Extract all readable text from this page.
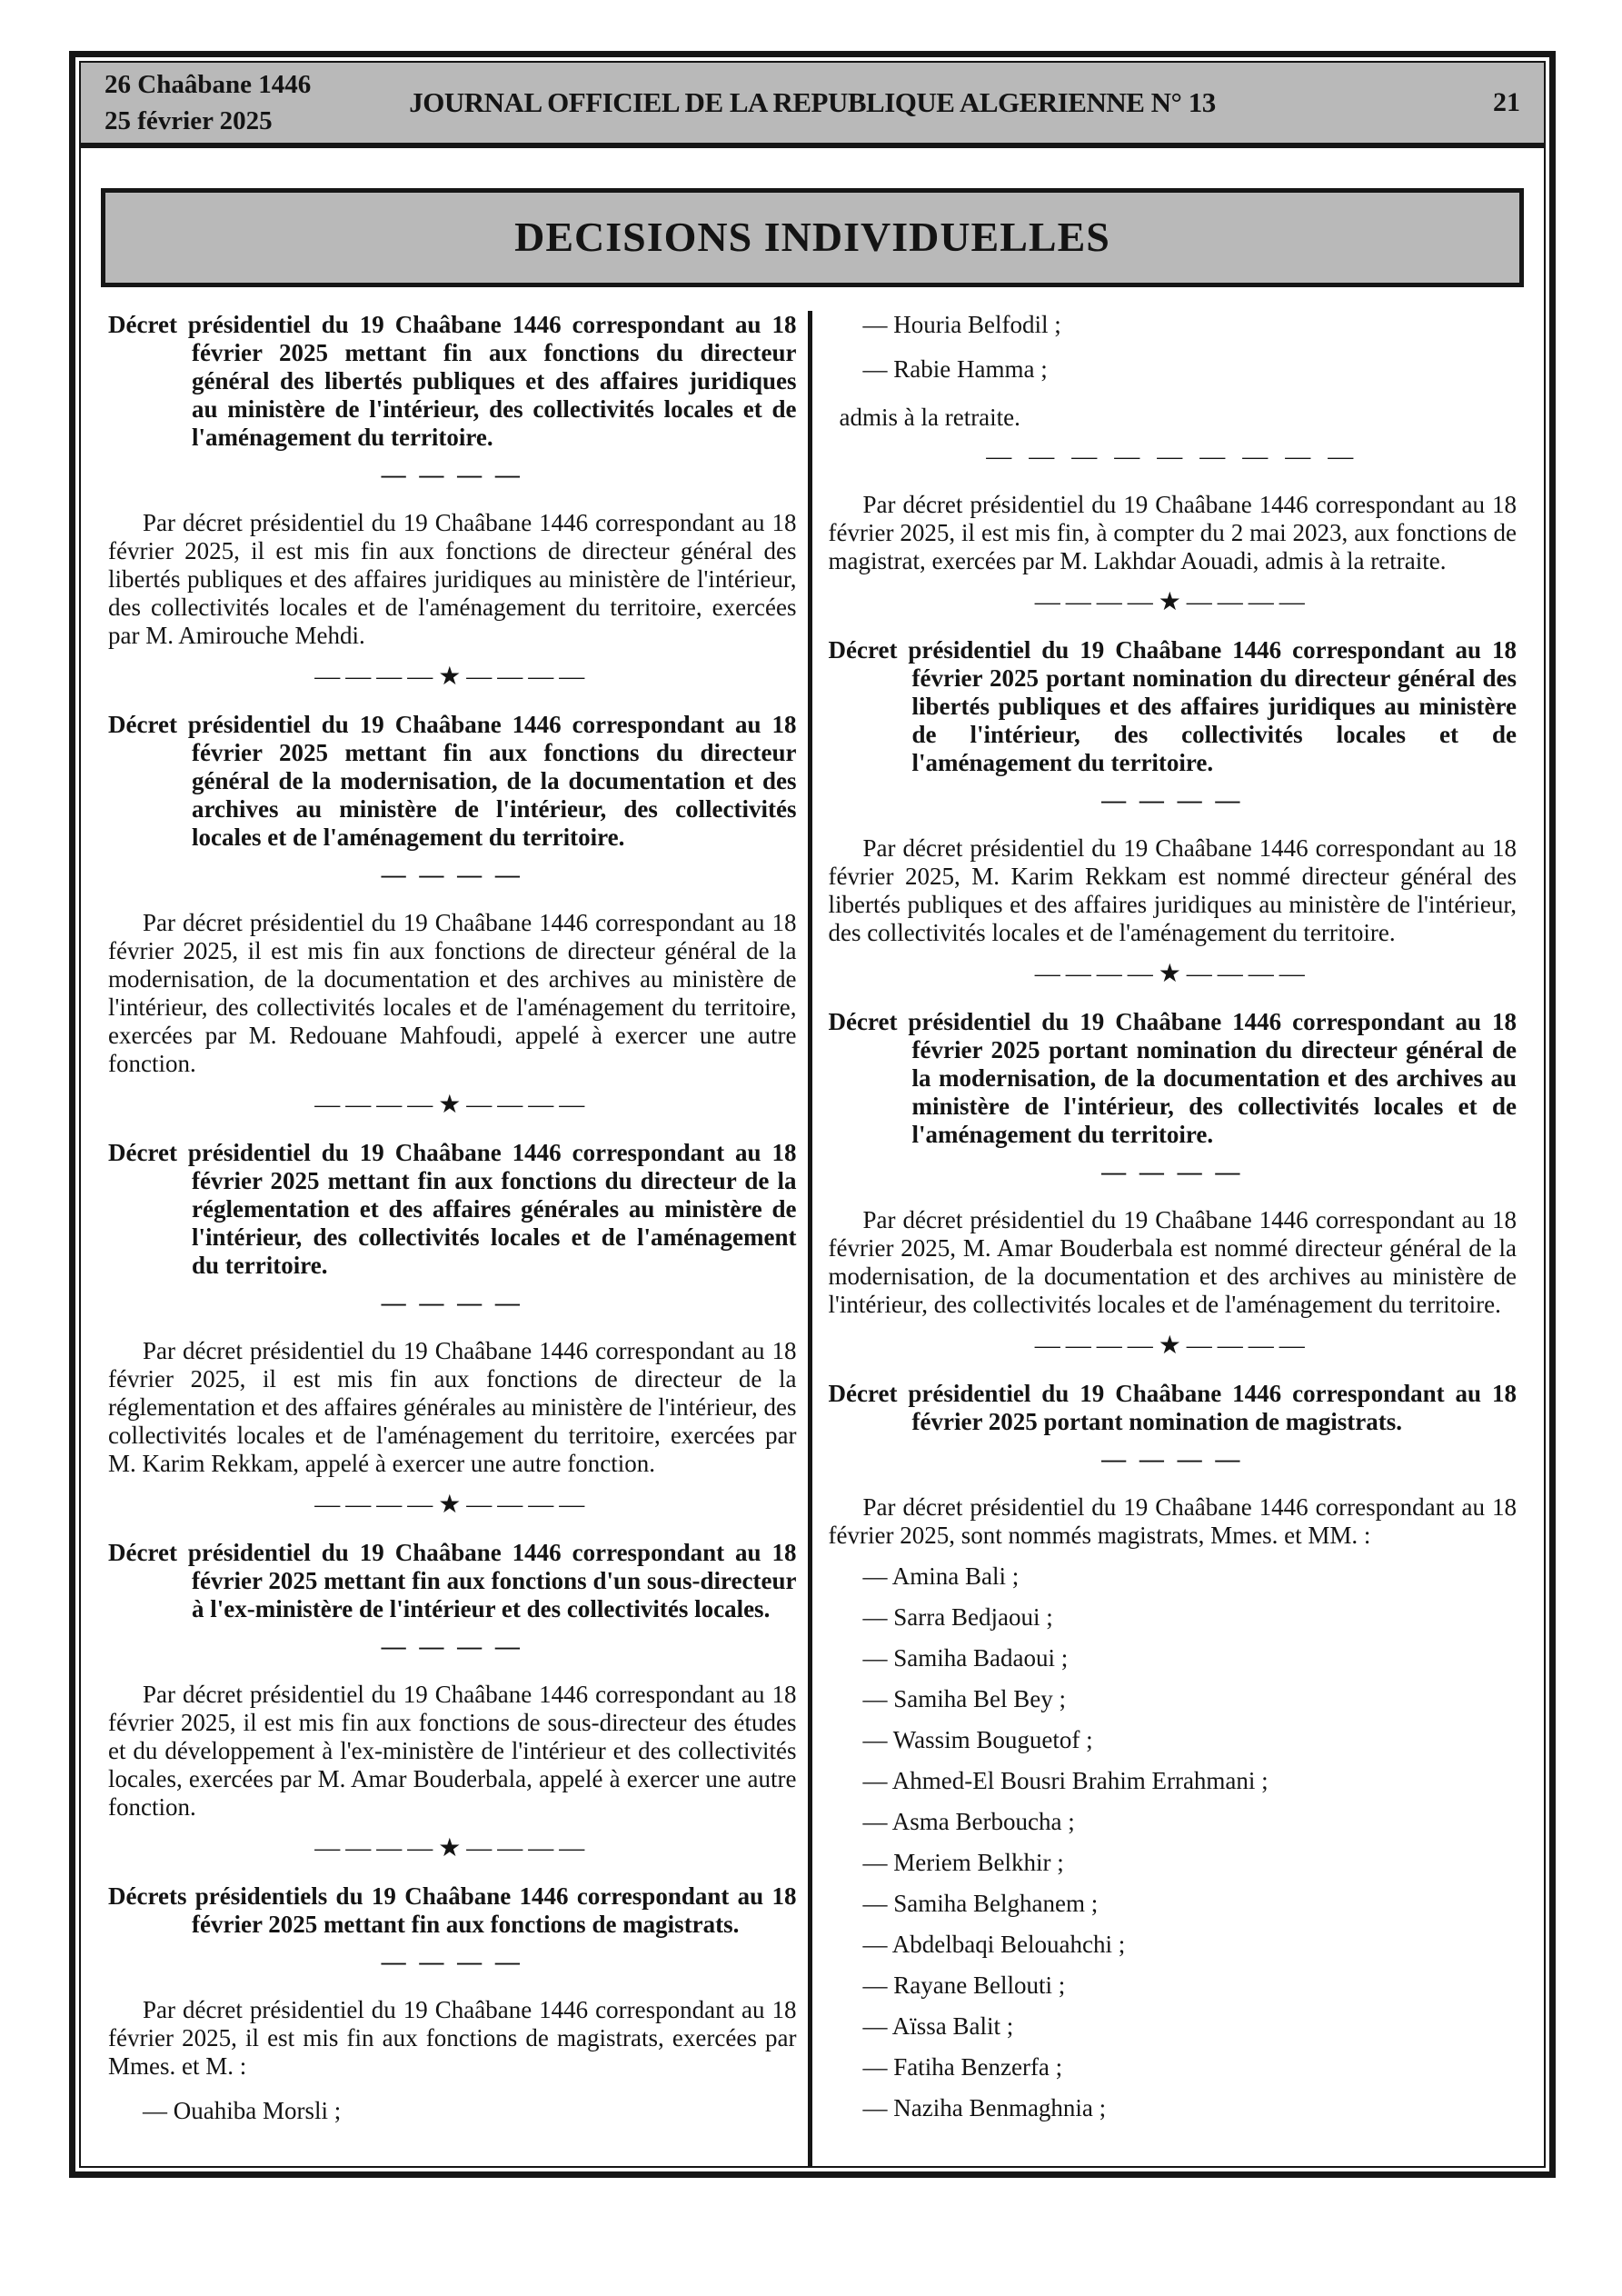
26 Chaâbane 1446
25 février 2025
JOURNAL OFFICIEL DE LA REPUBLIQUE ALGERIENNE N° 13	21
DECISIONS INDIVIDUELLES
Décret présidentiel du 19 Chaâbane 1446 correspondant au 18 février 2025 mettant fin aux fonctions du directeur général des libertés publiques et des affaires juridiques au ministère de l'intérieur, des collectivités locales et de l'aménagement du territoire.
— — — —
Par décret présidentiel du 19 Chaâbane 1446 correspondant au 18 février 2025, il est mis fin aux fonctions de directeur général des libertés publiques et des affaires juridiques au ministère de l'intérieur, des collectivités locales et de l'aménagement du territoire, exercées par M. Amirouche Mehdi.
————★————
Décret présidentiel du 19 Chaâbane 1446 correspondant au 18 février 2025 mettant fin aux fonctions du directeur général de la modernisation, de la documentation et des archives au ministère de l'intérieur, des collectivités locales et de l'aménagement du territoire.
— — — —
Par décret présidentiel du 19 Chaâbane 1446 correspondant au 18 février 2025, il est mis fin aux fonctions de directeur général de la modernisation, de la documentation et des archives au ministère de l'intérieur, des collectivités locales et de l'aménagement du territoire, exercées par M. Redouane Mahfoudi, appelé à exercer une autre fonction.
————★————
Décret présidentiel du 19 Chaâbane 1446 correspondant au 18 février 2025 mettant fin aux fonctions du directeur de la réglementation et des affaires générales au ministère de l'intérieur, des collectivités locales et de l'aménagement du territoire.
— — — —
Par décret présidentiel du 19 Chaâbane 1446 correspondant au 18 février 2025, il est mis fin aux fonctions de directeur de la réglementation et des affaires générales au ministère de l'intérieur, des collectivités locales et de l'aménagement du territoire, exercées par M. Karim Rekkam, appelé à exercer une autre fonction.
————★————
Décret présidentiel du 19 Chaâbane 1446 correspondant au 18 février 2025 mettant fin aux fonctions d'un sous-directeur à l'ex-ministère de l'intérieur et des collectivités locales.
— — — —
Par décret présidentiel du 19 Chaâbane 1446 correspondant au 18 février 2025, il est mis fin aux fonctions de sous-directeur des études et du développement à l'ex-ministère de l'intérieur et des collectivités locales, exercées par M. Amar Bouderbala, appelé à exercer une autre fonction.
————★————
Décrets présidentiels du 19 Chaâbane 1446 correspondant au 18 février 2025 mettant fin aux fonctions de magistrats.
— — — —
Par décret présidentiel du 19 Chaâbane 1446 correspondant au 18 février 2025, il est mis fin aux fonctions de magistrats, exercées par Mmes. et M. :
— Ouahiba Morsli ;
— Houria Belfodil ;
— Rabie Hamma ;
admis à la retraite.
— — — — — — — — —
Par décret présidentiel du 19 Chaâbane 1446 correspondant au 18 février 2025, il est mis fin, à compter du 2 mai 2023, aux fonctions de magistrat, exercées par M. Lakhdar Aouadi, admis à la retraite.
————★————
Décret présidentiel du 19 Chaâbane 1446 correspondant au 18 février 2025 portant nomination du directeur général des libertés publiques et des affaires juridiques au ministère de l'intérieur, des collectivités locales et de l'aménagement du territoire.
— — — —
Par décret présidentiel du 19 Chaâbane 1446 correspondant au 18 février 2025, M. Karim Rekkam est nommé directeur général des libertés publiques et des affaires juridiques au ministère de l'intérieur, des collectivités locales et de l'aménagement du territoire.
————★————
Décret présidentiel du 19 Chaâbane 1446 correspondant au 18 février 2025 portant nomination du directeur général de la modernisation, de la documentation et des archives au ministère de l'intérieur, des collectivités locales et de l'aménagement du territoire.
— — — —
Par décret présidentiel du 19 Chaâbane 1446 correspondant au 18 février 2025, M. Amar Bouderbala est nommé directeur général de la modernisation, de la documentation et des archives au ministère de l'intérieur, des collectivités locales et de l'aménagement du territoire.
————★————
Décret présidentiel du 19 Chaâbane 1446 correspondant au 18 février 2025 portant nomination de magistrats.
— — — —
Par décret présidentiel du 19 Chaâbane 1446 correspondant au 18 février 2025, sont nommés magistrats, Mmes. et MM. :
— Amina Bali ;
— Sarra Bedjaoui ;
— Samiha Badaoui ;
— Samiha Bel Bey ;
— Wassim Bouguetof ;
— Ahmed-El Bousri Brahim Errahmani ;
— Asma Berboucha ;
— Meriem Belkhir ;
— Samiha Belghanem ;
— Abdelbaqi Belouahchi ;
— Rayane Bellouti ;
— Aïssa Balit ;
— Fatiha Benzerfa ;
— Naziha Benmaghnia ;
